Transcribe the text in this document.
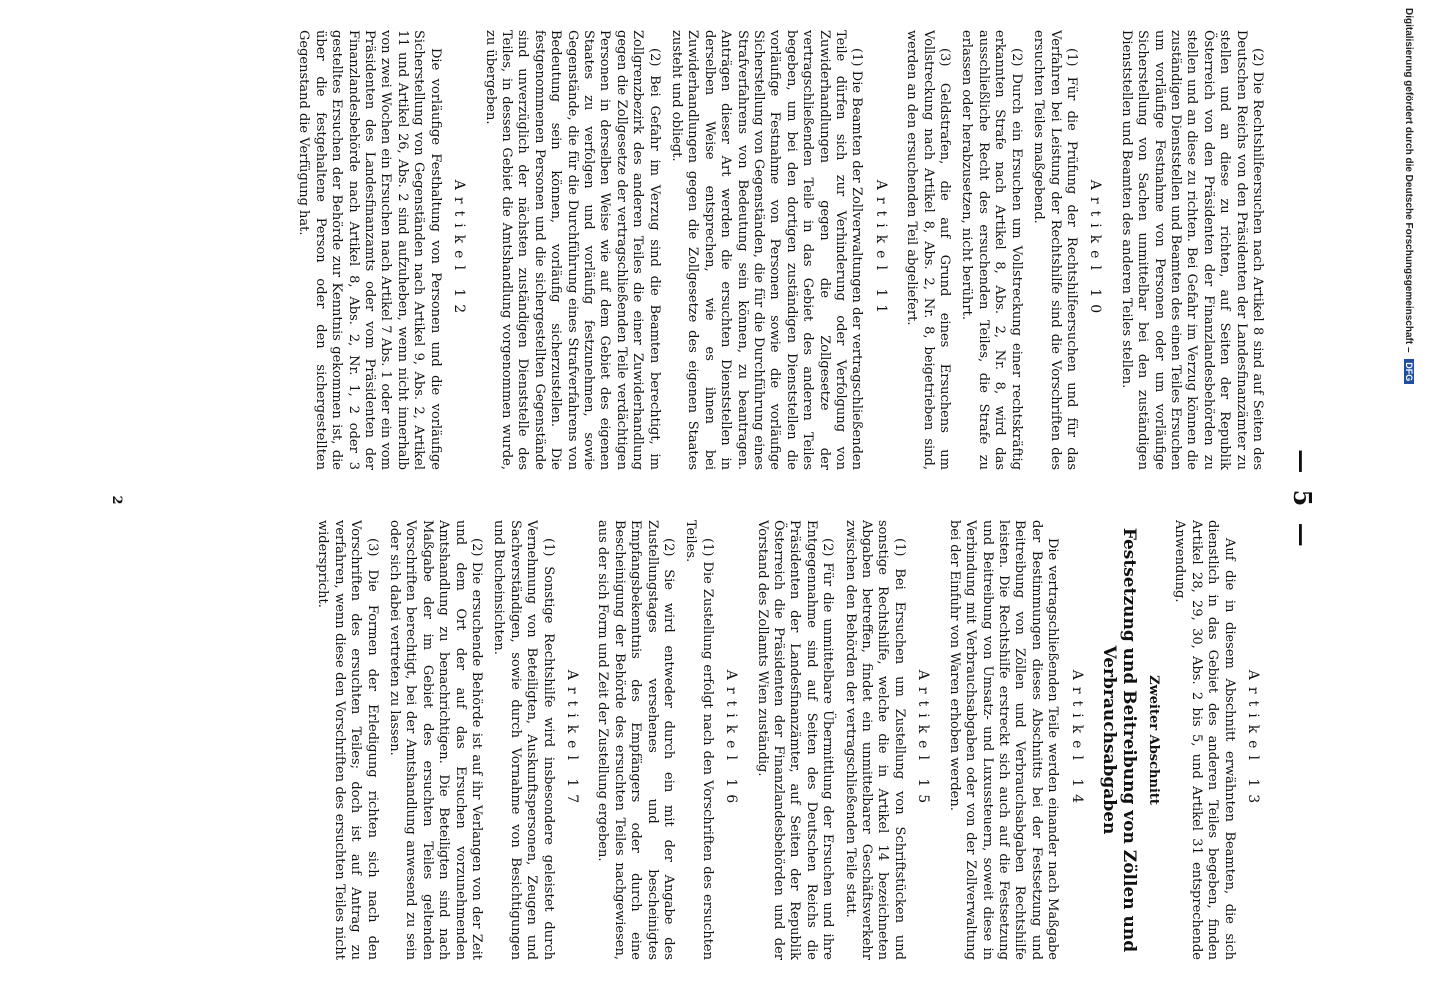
— 5 —

(2) Die Rechtshilfeersuchen nach Artikel 8 sind auf Seiten des Deutschen Reichs von den Präsidenten der Landesfinanzämter zu stellen und an diese zu richten, auf Seiten der Republik Österreich von den Präsidenten der Finanzlandesbehörden zu stellen und an diese zu richten. Bei Gefahr im Verzug können die zuständigen Dienststellen und Beamten des einen Teiles Ersuchen um vorläufige Festnahme von Personen oder um vorläufige Sicherstellung von Sachen unmittelbar bei den zuständigen Dienststellen und Beamten des anderen Teiles stellen.

Artikel 10

(1) Für die Prüfung der Rechtshilfeersuchen und für das Verfahren bei Leistung der Rechtshilfe sind die Vorschriften des ersuchten Teiles maßgebend.

(2) Durch ein Ersuchen um Vollstreckung einer rechtskräftig erkannten Strafe nach Artikel 8, Abs. 2, Nr. 8, wird das ausschließliche Recht des ersuchenden Teiles, die Strafe zu erlassen oder herabzusetzen, nicht berührt.

(3) Geldstrafen, die auf Grund eines Ersuchens um Vollstreckung nach Artikel 8, Abs. 2, Nr. 8, beigetrieben sind, werden an den ersuchenden Teil abgeliefert.

Artikel 11

(1) Die Beamten der Zollverwaltungen der vertragschließenden Teile dürfen sich zur Verhinderung oder Verfolgung von Zuwiderhandlungen gegen die Zollgesetze der vertragschließenden Teile in das Gebiet des anderen Teiles begeben, um bei den dortigen zuständigen Dienststellen die vorläufige Festnahme von Personen sowie die vorläufige Sicherstellung von Gegenständen, die für die Durchführung eines Strafverfahrens von Bedeutung sein können, zu beantragen. Anträgen dieser Art werden die ersuchten Dienststellen in derselben Weise entsprechen, wie es ihnen bei Zuwiderhandlungen gegen die Zollgesetze des eigenen Staates zusteht und obliegt.

(2) Bei Gefahr im Verzug sind die Beamten berechtigt, im Zollgrenzbezirk des anderen Teiles die einer Zuwiderhandlung gegen die Zollgesetze der vertragschließenden Teile verdächtigen Personen in derselben Weise wie auf dem Gebiet des eigenen Staates zu verfolgen und vorläufig festzunehmen, sowie Gegenstände, die für die Durchführung eines Strafverfahrens von Bedeutung sein können, vorläufig sicherzustellen. Die festgenommenen Personen und die sichergestellten Gegenstände sind unverzüglich der nächsten zuständigen Dienststelle des Teiles, in dessen Gebiet die Amtshandlung vorgenommen wurde, zu übergeben.

Artikel 12

Die vorläufige Festhaltung von Personen und die vorläufige Sicherstellung von Gegenständen nach Artikel 9, Abs. 2, Artikel 11 und Artikel 26, Abs. 2 sind aufzuheben, wenn nicht innerhalb von zwei Wochen ein Ersuchen nach Artikel 7 Abs. 1 oder ein vom Präsidenten des Landesfinanzamts oder vom Präsidenten der Finanzlandesbehörde nach Artikel 8, Abs. 2, Nr. 1, 2 oder 3 gestelltes Ersuchen der Behörde zur Kenntnis gekommen ist, die über die festgehaltene Person oder den sichergestellten Gegenstand die Verfügung hat.

Artikel 13

Auf die in diesem Abschnitt erwähnten Beamten, die sich dienstlich in das Gebiet des anderen Teiles begeben, finden Artikel 28, 29, 30, Abs. 2 bis 5, und Artikel 31 entsprechende Anwendung.

Zweiter Abschnitt
Festsetzung und Beitreibung von Zöllen und Verbrauchsabgaben
Artikel 14

Die vertragschließenden Teile werden einander nach Maßgabe der Bestimmungen dieses Abschnitts bei der Festsetzung und Beitreibung von Zöllen und Verbrauchsabgaben Rechtshilfe leisten. Die Rechtshilfe erstreckt sich auch auf die Festsetzung und Beitreibung von Umsatz- und Luxussteuern, soweit diese in Verbindung mit Verbrauchsabgaben oder von der Zollverwaltung bei der Einfuhr von Waren erhoben werden.

Artikel 15

(1) Bei Ersuchen um Zustellung von Schriftstücken und sonstige Rechtshilfe, welche die in Artikel 14 bezeichneten Abgaben betreffen, findet ein unmittelbarer Geschäftsverkehr zwischen den Behörden der vertragschließenden Teile statt.

(2) Für die unmittelbare Übermittlung der Ersuchen und ihre Entgegennahme sind auf Seiten des Deutschen Reichs die Präsidenten der Landesfinanzämter, auf Seiten der Republik Österreich die Präsidenten der Finanzlandesbehörden und der Vorstand des Zollamts Wien zuständig.

Artikel 16

(1) Die Zustellung erfolgt nach den Vorschriften des ersuchten Teiles.

(2) Sie wird entweder durch ein mit der Angabe des Zustellungstages versehenes und bescheinigtes Empfangsbekenntnis des Empfängers oder durch eine Bescheinigung der Behörde des ersuchten Teiles nachgewiesen, aus der sich Form und Zeit der Zustellung ergeben.

Artikel 17

(1) Sonstige Rechtshilfe wird insbesondere geleistet durch Vernehmung von Beteiligten, Auskunftspersonen, Zeugen und Sachverständigen, sowie durch Vornahme von Besichtigungen und Bucheinsichten.

(2) Die ersuchende Behörde ist auf ihr Verlangen von der Zeit und dem Ort der auf das Ersuchen vorzunehmenden Amtshandlung zu benachrichtigen. Die Beteiligten sind nach Maßgabe der im Gebiet des ersuchten Teiles geltenden Vorschriften berechtigt, bei der Amtshandlung anwesend zu sein oder sich dabei vertreten zu lassen.

(3) Die Formen der Erledigung richten sich nach den Vorschriften des ersuchten Teiles; doch ist auf Antrag zu verfahren, wenn diese den Vorschriften des ersuchten Teiles nicht widerspricht.

2
Digitalisierung gefördert durch die Deutsche Forschungsgemeinschaft – DFG
